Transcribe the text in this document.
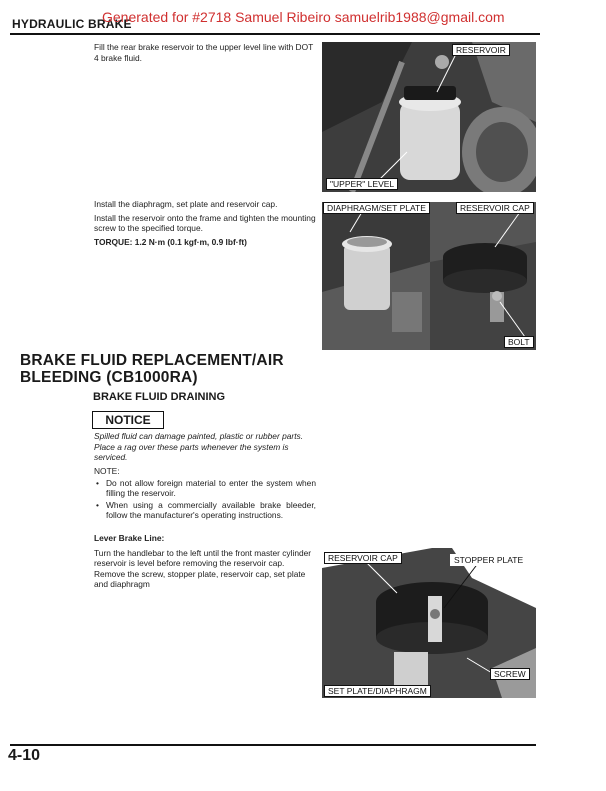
HYDRAULIC BRAKE
Generated for #2718 Samuel Ribeiro samuelrib1988@gmail.com

Fill the rear brake reservoir to the upper level line with DOT 4 brake fluid.

RESERVOIR
"UPPER" LEVEL

Install the diaphragm, set plate and reservoir cap.

Install the reservoir onto the frame and tighten the mounting screw to the specified torque.

TORQUE: 1.2 N·m (0.1 kgf·m, 0.9 lbf·ft)

DIAPHRAGM/SET PLATE	RESERVOIR CAP
BOLT
BRAKE FLUID REPLACEMENT/AIR
BLEEDING (CB1000RA)
BRAKE FLUID DRAINING
NOTICE
Spilled fluid can damage painted, plastic or rubber parts. Place a rag over these parts whenever the system is serviced.

NOTE:

• Do not allow foreign material to enter the system when filling the reservoir.
• When using a commercially available brake bleeder, follow the manufacturer's operating instructions.

Lever Brake Line:

Turn the handlebar to the left until the front master cylinder reservoir is level before removing the reservoir cap.

Remove the screw, stopper plate, reservoir cap, set plate and diaphragm

RESERVOIR CAP	STOPPER PLATE
SCREW
SET PLATE/DIAPHRAGM
4-10
